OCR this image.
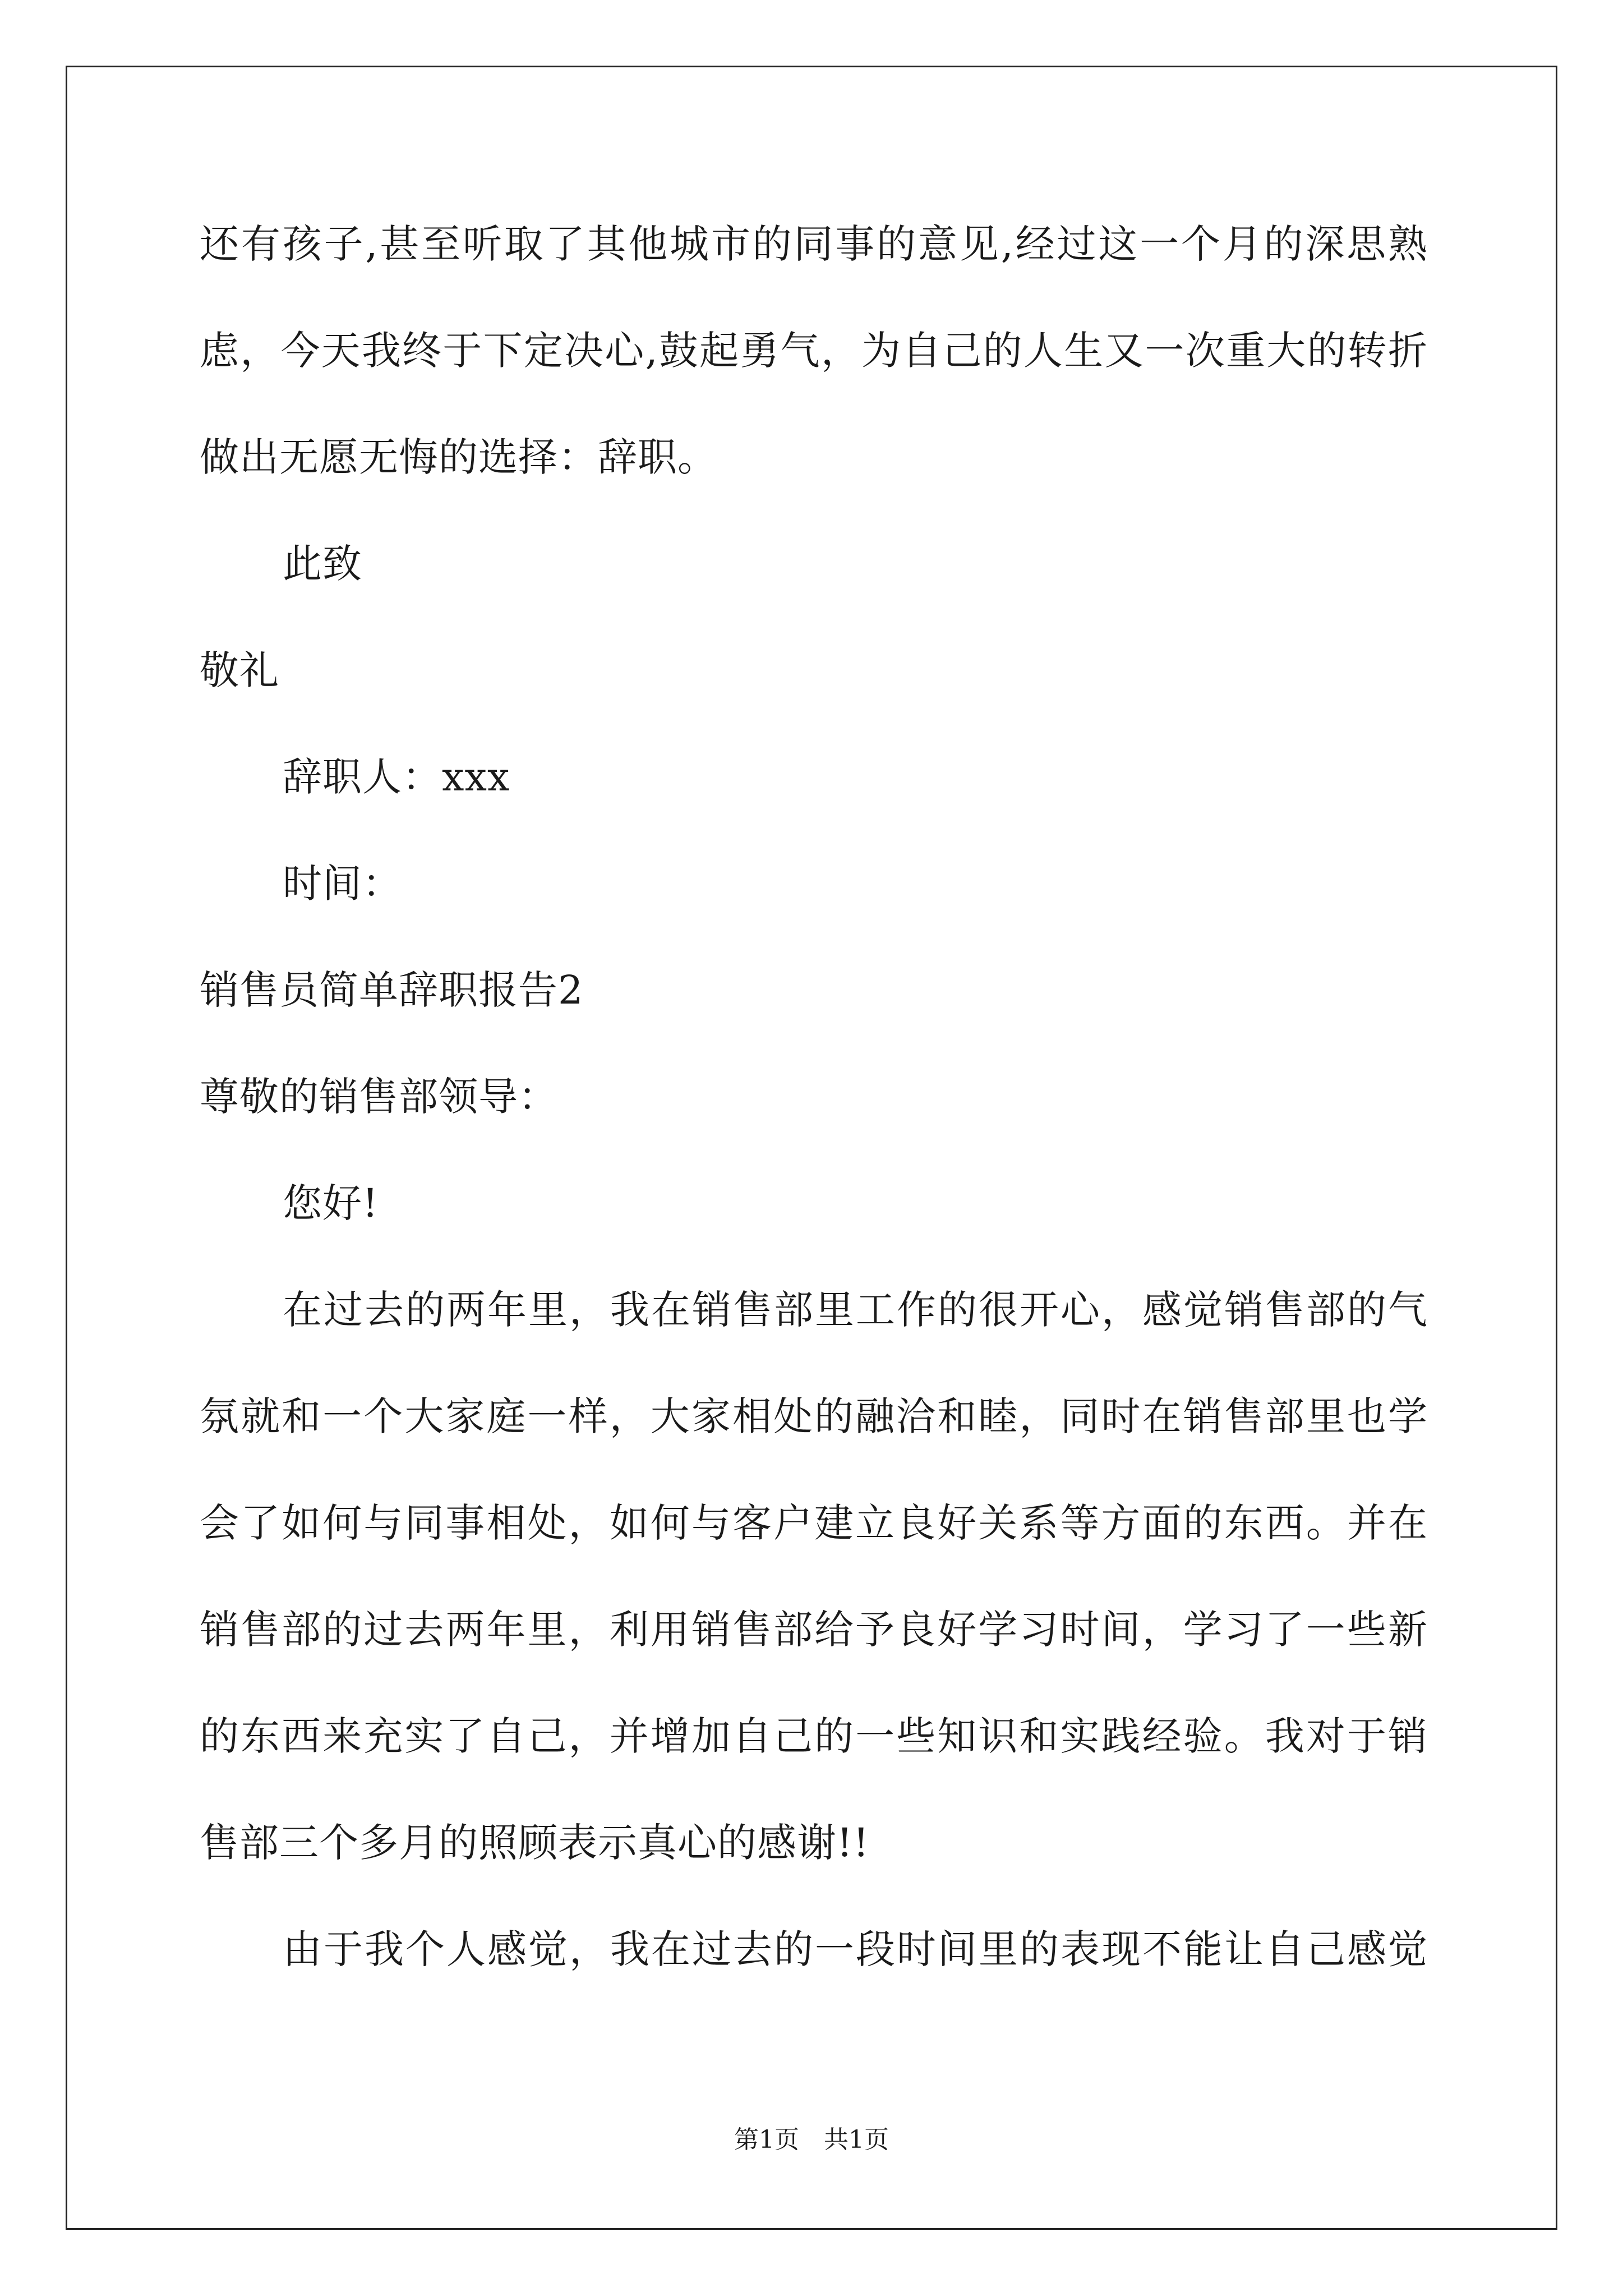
还有孩子,甚至听取了其他城市的同事的意见,经过这一个月的深思熟
虑，今天我终于下定决心,鼓起勇气，为自己的人生又一次重大的转折
做出无愿无悔的选择：辞职。
此致
敬礼
辞职人：xxx
时间：
销售员简单辞职报告2
尊敬的销售部领导：
您好!
在过去的两年里，我在销售部里工作的很开心，感觉销售部的气
氛就和一个大家庭一样，大家相处的融洽和睦，同时在销售部里也学
会了如何与同事相处，如何与客户建立良好关系等方面的东西。并在
销售部的过去两年里，利用销售部给予良好学习时间，学习了一些新
的东西来充实了自己，并增加自己的一些知识和实践经验。我对于销
售部三个多月的照顾表示真心的感谢!!
由于我个人感觉，我在过去的一段时间里的表现不能让自己感觉
第1页　共1页
